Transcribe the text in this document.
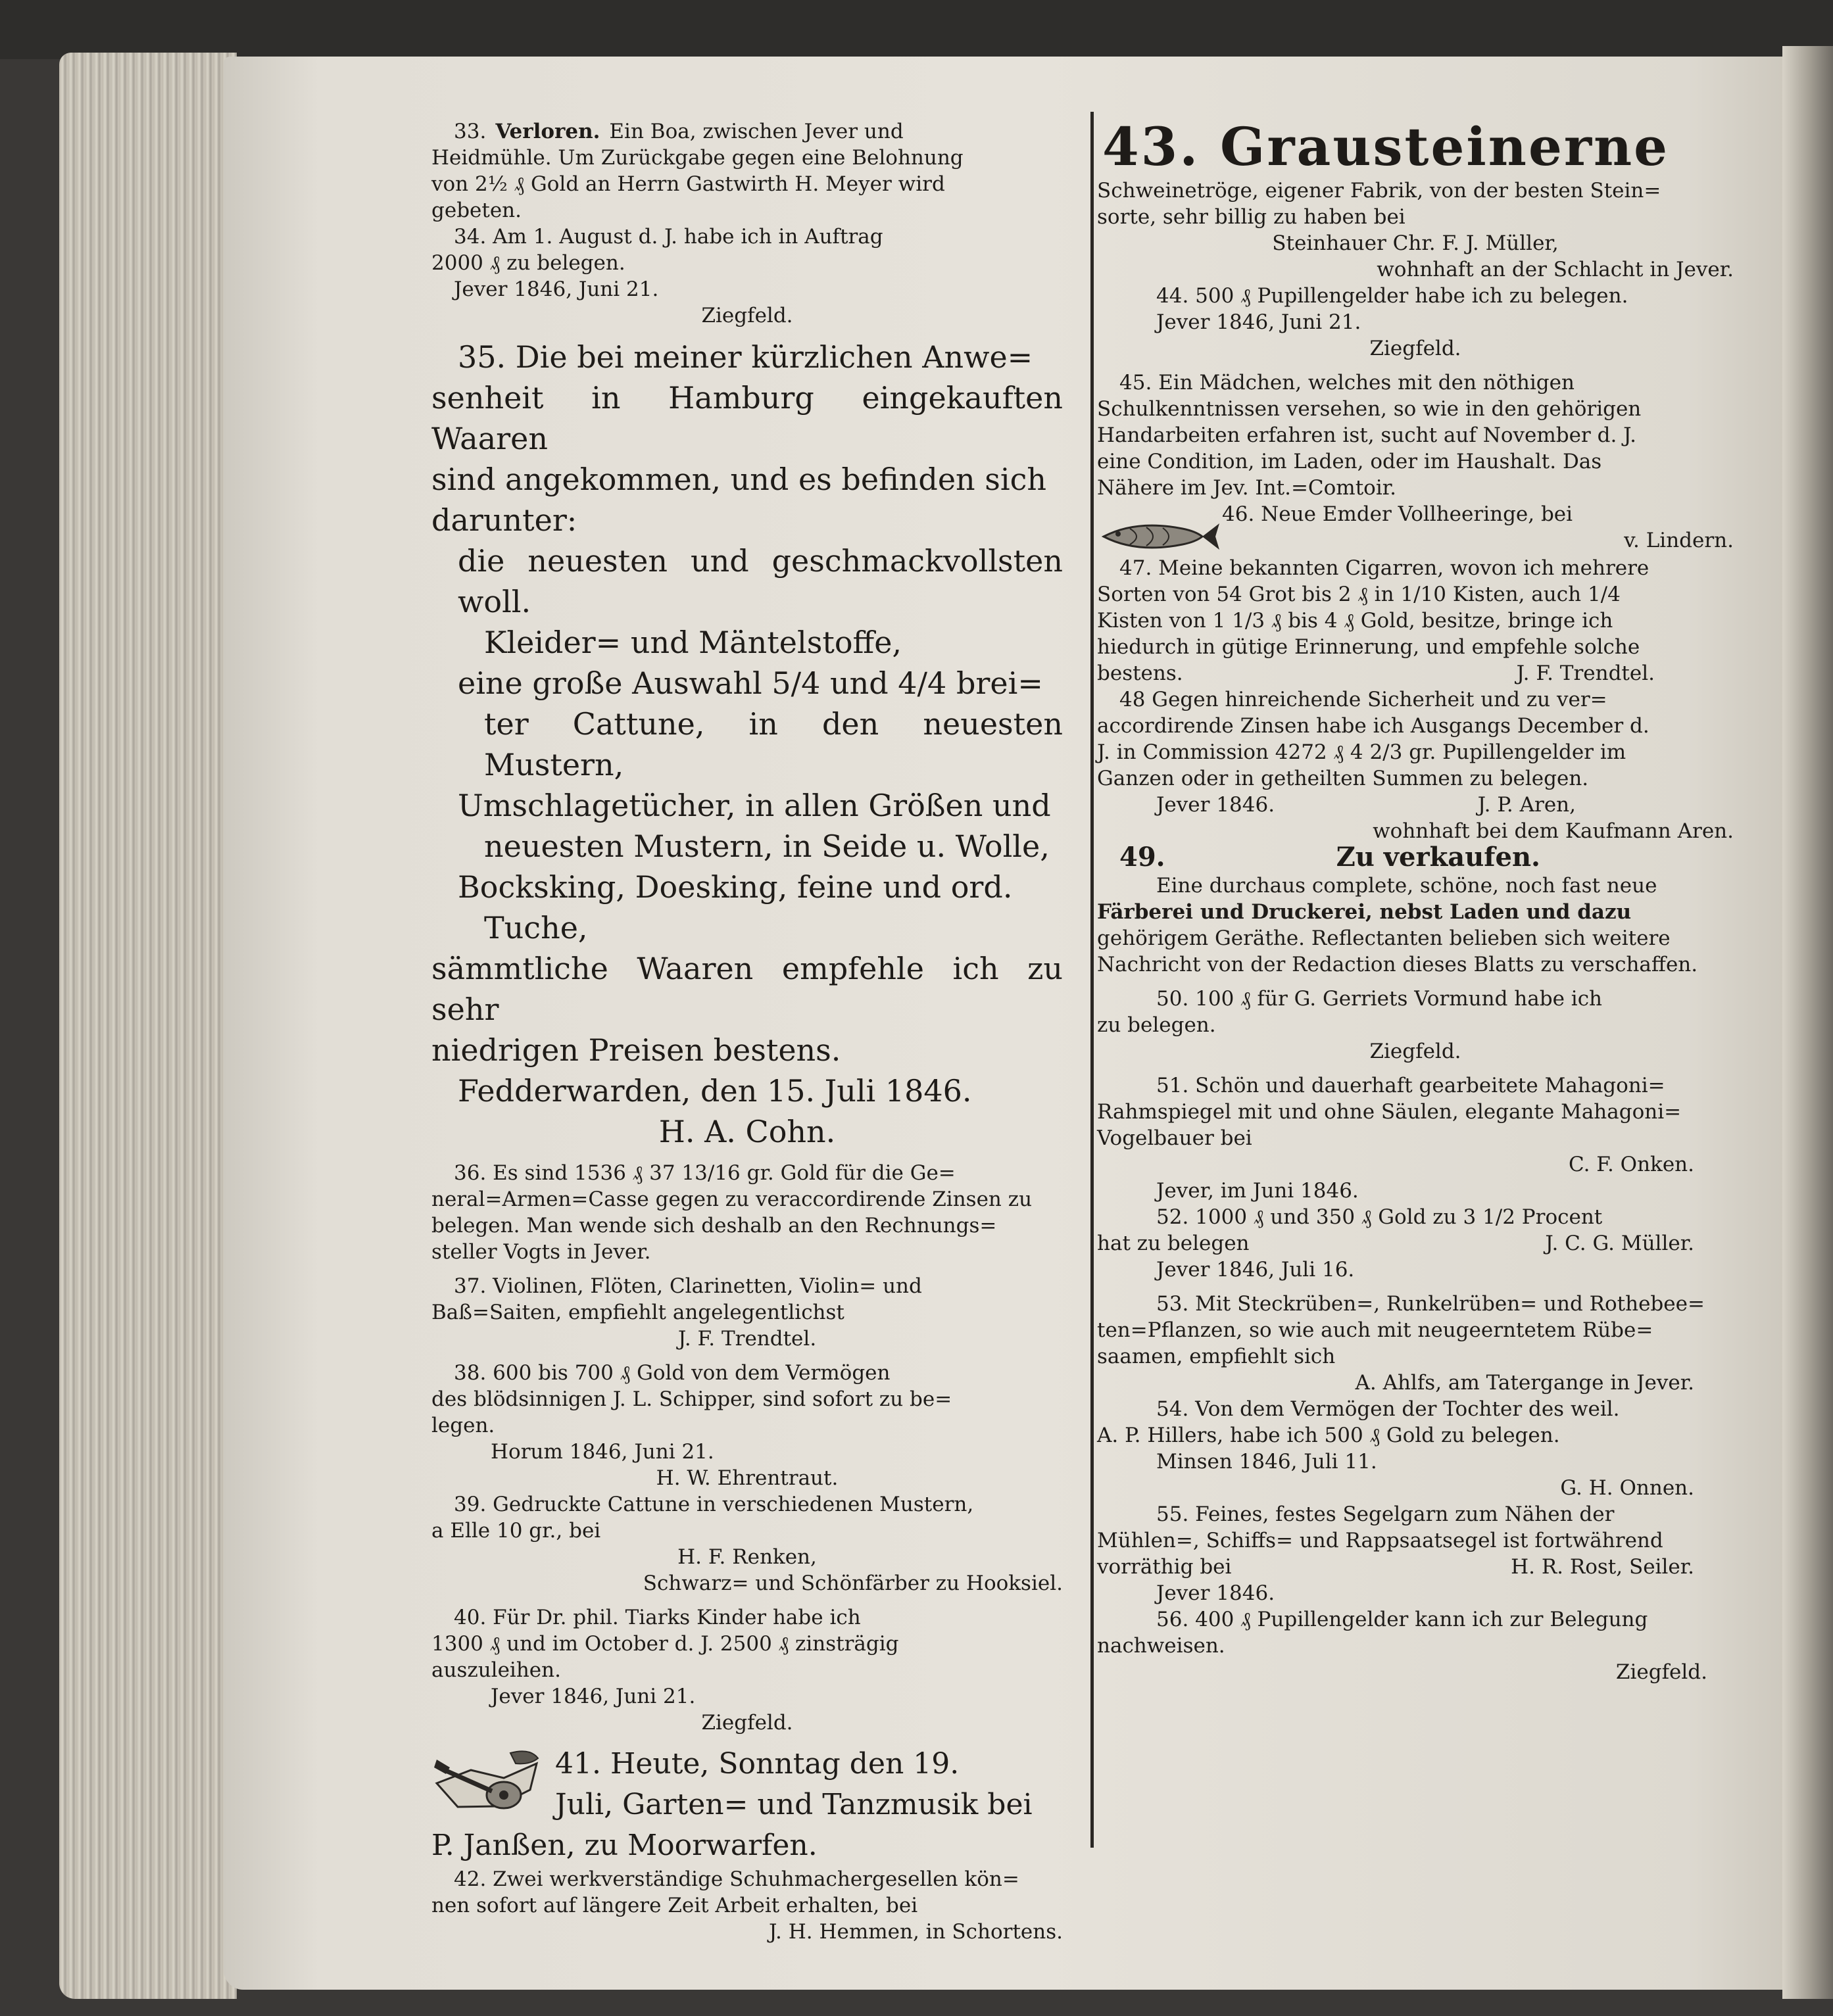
33. Verloren. Ein Boa, zwischen Jever und

Heidmühle. Um Zurückgabe gegen eine Belohnung

von 2½ ₰ Gold an Herrn Gastwirth H. Meyer wird

gebeten.

34. Am 1. August d. J. habe ich in Auftrag

2000 ₰ zu belegen.

Jever 1846, Juni 21.

Ziegfeld.

35. Die bei meiner kürzlichen Anwe=

senheit in Hamburg eingekauften Waaren

sind angekommen, und es befinden sich

darunter:

die neuesten und geschmackvollsten woll.

Kleider= und Mäntelstoffe,

eine große Auswahl 5/4 und 4/4 brei=

ter Cattune, in den neuesten Mustern,

Umschlagetücher, in allen Größen und

neuesten Mustern, in Seide u. Wolle,

Bocksking, Doesking, feine und ord.

Tuche,

sämmtliche Waaren empfehle ich zu sehr

niedrigen Preisen bestens.

Fedderwarden, den 15. Juli 1846.

H. A. Cohn.

36. Es sind 1536 ₰ 37 13/16 gr. Gold für die Ge=

neral=Armen=Casse gegen zu veraccordirende Zinsen zu

belegen. Man wende sich deshalb an den Rechnungs=

steller Vogts in Jever.

37. Violinen, Flöten, Clarinetten, Violin= und

Baß=Saiten, empfiehlt angelegentlichst

J. F. Trendtel.

38. 600 bis 700 ₰ Gold von dem Vermögen

des blödsinnigen J. L. Schipper, sind sofort zu be=

legen.

Horum 1846, Juni 21.

H. W. Ehrentraut.

39. Gedruckte Cattune in verschiedenen Mustern,

a Elle 10 gr., bei

H. F. Renken,

Schwarz= und Schönfärber zu Hooksiel.

40. Für Dr. phil. Tiarks Kinder habe ich

1300 ₰ und im October d. J. 2500 ₰ zinsträgig

auszuleihen.

Jever 1846, Juni 21.

Ziegfeld.

41. Heute, Sonntag den 19.

Juli, Garten= und Tanzmusik bei

P. Janßen, zu Moorwarfen.

42. Zwei werkverständige Schuhmachergesellen kön=

nen sofort auf längere Zeit Arbeit erhalten, bei

J. H. Hemmen, in Schortens.

43. Grausteinerne

Schweinetröge, eigener Fabrik, von der besten Stein=

sorte, sehr billig zu haben bei

Steinhauer Chr. F. J. Müller,

wohnhaft an der Schlacht in Jever.

44. 500 ₰ Pupillengelder habe ich zu belegen.

Jever 1846, Juni 21.

Ziegfeld.

45. Ein Mädchen, welches mit den nöthigen

Schulkenntnissen versehen, so wie in den gehörigen

Handarbeiten erfahren ist, sucht auf November d. J.

eine Condition, im Laden, oder im Haushalt. Das

Nähere im Jev. Int.=Comtoir.

46. Neue Emder Vollheeringe, bei

v. Lindern.

47. Meine bekannten Cigarren, wovon ich mehrere

Sorten von 54 Grot bis 2 ₰ in 1/10 Kisten, auch 1/4

Kisten von 1 1/3 ₰ bis 4 ₰ Gold, besitze, bringe ich

hiedurch in gütige Erinnerung, und empfehle solche

bestens.	J. F. Trendtel.

48 Gegen hinreichende Sicherheit und zu ver=

accordirende Zinsen habe ich Ausgangs December d.

J. in Commission 4272 ₰ 4 2/3 gr. Pupillengelder im

Ganzen oder in getheilten Summen zu belegen.

Jever 1846.	J. P. Aren,

wohnhaft bei dem Kaufmann Aren.

49.	Zu verkaufen.

Eine durchaus complete, schöne, noch fast neue

Färberei und Druckerei, nebst Laden und dazu

gehörigem Geräthe. Reflectanten belieben sich weitere

Nachricht von der Redaction dieses Blatts zu verschaffen.

50. 100 ₰ für G. Gerriets Vormund habe ich

zu belegen.

Ziegfeld.

51. Schön und dauerhaft gearbeitete Mahagoni=

Rahmspiegel mit und ohne Säulen, elegante Mahagoni=

Vogelbauer bei

C. F. Onken.

Jever, im Juni 1846.

52. 1000 ₰ und 350 ₰ Gold zu 3 1/2 Procent

hat zu belegen	J. C. G. Müller.

Jever 1846, Juli 16.

53. Mit Steckrüben=, Runkelrüben= und Rothebee=

ten=Pflanzen, so wie auch mit neugeerntetem Rübe=

saamen, empfiehlt sich

A. Ahlfs, am Tatergange in Jever.

54. Von dem Vermögen der Tochter des weil.

A. P. Hillers, habe ich 500 ₰ Gold zu belegen.

Minsen 1846, Juli 11.

G. H. Onnen.

55. Feines, festes Segelgarn zum Nähen der

Mühlen=, Schiffs= und Rappsaatsegel ist fortwährend

vorräthig bei	H. R. Rost, Seiler.

Jever 1846.

56. 400 ₰ Pupillengelder kann ich zur Belegung

nachweisen.

Ziegfeld.
